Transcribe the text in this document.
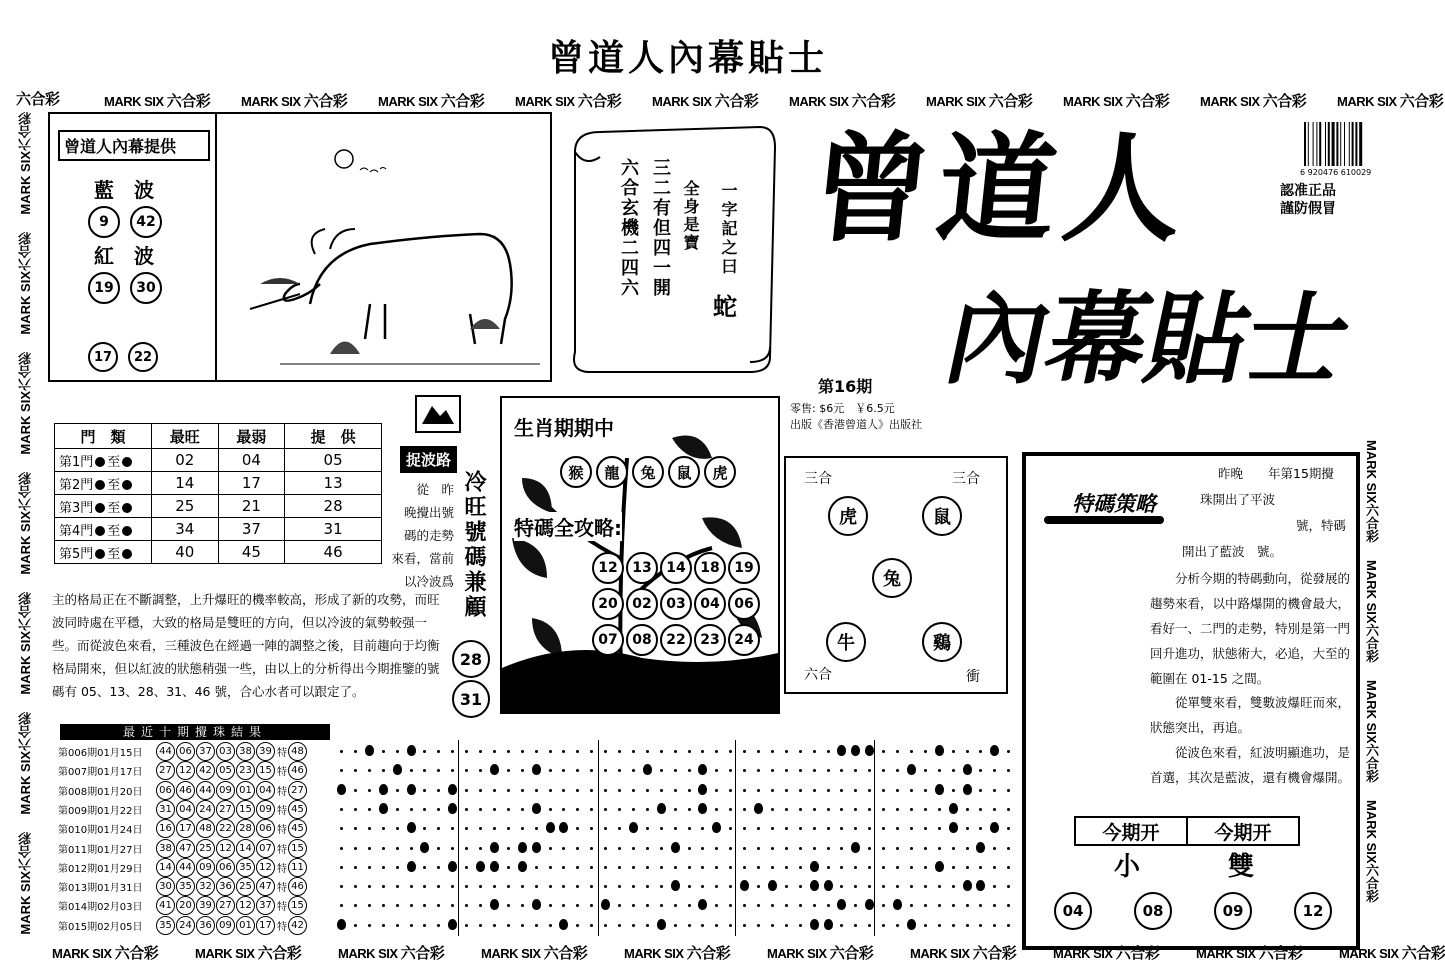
曾道人內幕貼士
MARK SIX 六合彩 MARK SIX 六合彩 MARK SIX 六合彩 MARK SIX 六合彩 MARK SIX 六合彩 MARK SIX 六合彩 MARK SIX 六合彩 MARK SIX 六合彩 MARK SIX 六合彩 MARK SIX 六合彩
六合彩
MARK SIX 六合彩	MARK SIX 六合彩	MARK SIX 六合彩	MARK SIX 六合彩	MARK SIX 六合彩	MARK SIX 六合彩	MARK SIX 六合彩	MARK SIX 六合彩	MARK SIX 六合彩	MARK SIX 六合彩
MARK SIX六合彩
MARK SIX六合彩
MARK SIX六合彩
MARK SIX六合彩
MARK SIX六合彩
MARK SIX六合彩
MARK SIX六合彩
MARK SIX六合彩
MARK SIX六合彩
MARK SIX六合彩
MARK SIX六合彩
曾道人內幕提供
藍　波
9	42
紅　波
19	30
17	22
六合玄機二四六 三二有但四一開 全身是寶 一字記之曰
蛇
曾道人
內幕貼士
第16期
零售: $6元　￥6.5元
出版《香港曾道人》出版社
6 920476 610029
認准正品
謹防假冒
門　類	最旺	最弱	提　供
第1門 至	02	04	05
第2門 至	14	17	13
第3門 至	25	21	28
第4門 至	34	37	31
第5門 至	40	45	46
捉波路
冷旺號碼兼顧
從　昨
晚攪出號
碼的走勢
來看，當前
以冷波爲
主的格局正在不斷調整，上升爆旺的機率較高，形成了新的攻勢，而旺波同時處在平穩，大致的格局是雙旺的方向，但以冷波的氣勢較强一些。而從波色來看，三種波色在經過一陣的調整之後，目前趨向于均衡格局開來，但以紅波的狀態稍强一些，由以上的分析得出今期推鑒的號碼有 05、13、28、31、46 號，合心水者可以跟定了。
28
31
生肖期期中
猴	龍	兔	鼠	虎
特碼全攻略:
12	13	14	18	19
20	02	03	04	06
07	08	22	23	24
三合	三合
六合	衝
虎	鼠
兔
牛	鷄
特碼策略
昨晚　　年第15期攪
珠開出了平波
號，特碼
開出了藍波　號。
分析今期的特碼動向，從發展的趨勢來看，以中路爆開的機會最大，看好一、二門的走勢，特別是第一門回升進功，狀態術大，必追，大至的範圍在 01-15 之間。
從單雙來看，雙數波爆旺而來，狀態突出，再追。
從波色來看，紅波明顯進功，是首選，其次是藍波，還有機會爆開。
今期开	今期开
小	雙
04	08	09	12
最近十期攪珠結果
第006期01月15日	44 06 37 03 38 39 特 48
第007期01月17日	27 12 42 05 23 15 特 46
第008期01月20日	06 46 44 09 01 04 特 27
第009期01月22日	31 04 24 27 15 09 特 45
第010期01月24日	16 17 48 22 28 06 特 45
第011期01月27日	38 47 25 12 14 07 特 15
第012期01月29日	14 44 09 06 35 12 特 11
第013期01月31日	30 35 32 36 25 47 特 46
第014期02月03日	41 20 39 27 12 37 特 15
第015期02月05日	35 24 36 09 01 17 特 42
